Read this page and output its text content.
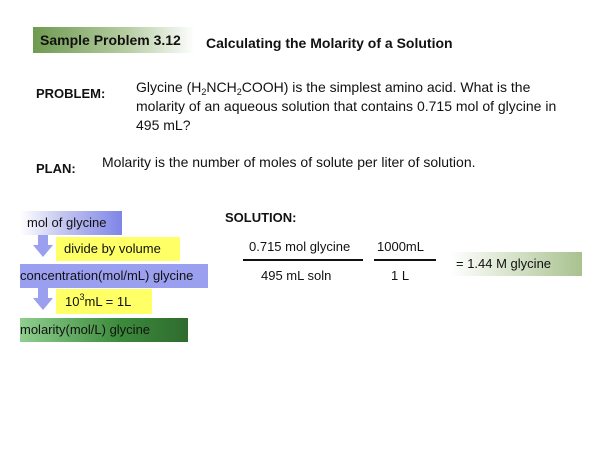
Sample Problem 3.12	Calculating the Molarity of a Solution
PROBLEM: Glycine $(H_2NCH_2COOH)$ is the simplest amino acid. What is the
molarity of an aqueous solution that contains 0.715 mol of glycine in
495 mL?
PLAN: Molarity is the number of moles of solute per liter of solution.
mol of glycine
divide by volume
concentration(mol/mL) glycine
$10^3mL = 1L$
molarity(mol/L) glycine
SOLUTION:
0.715 mol glycine
495 mL soln
1000mL
1 L
= 1.44 M glycine
